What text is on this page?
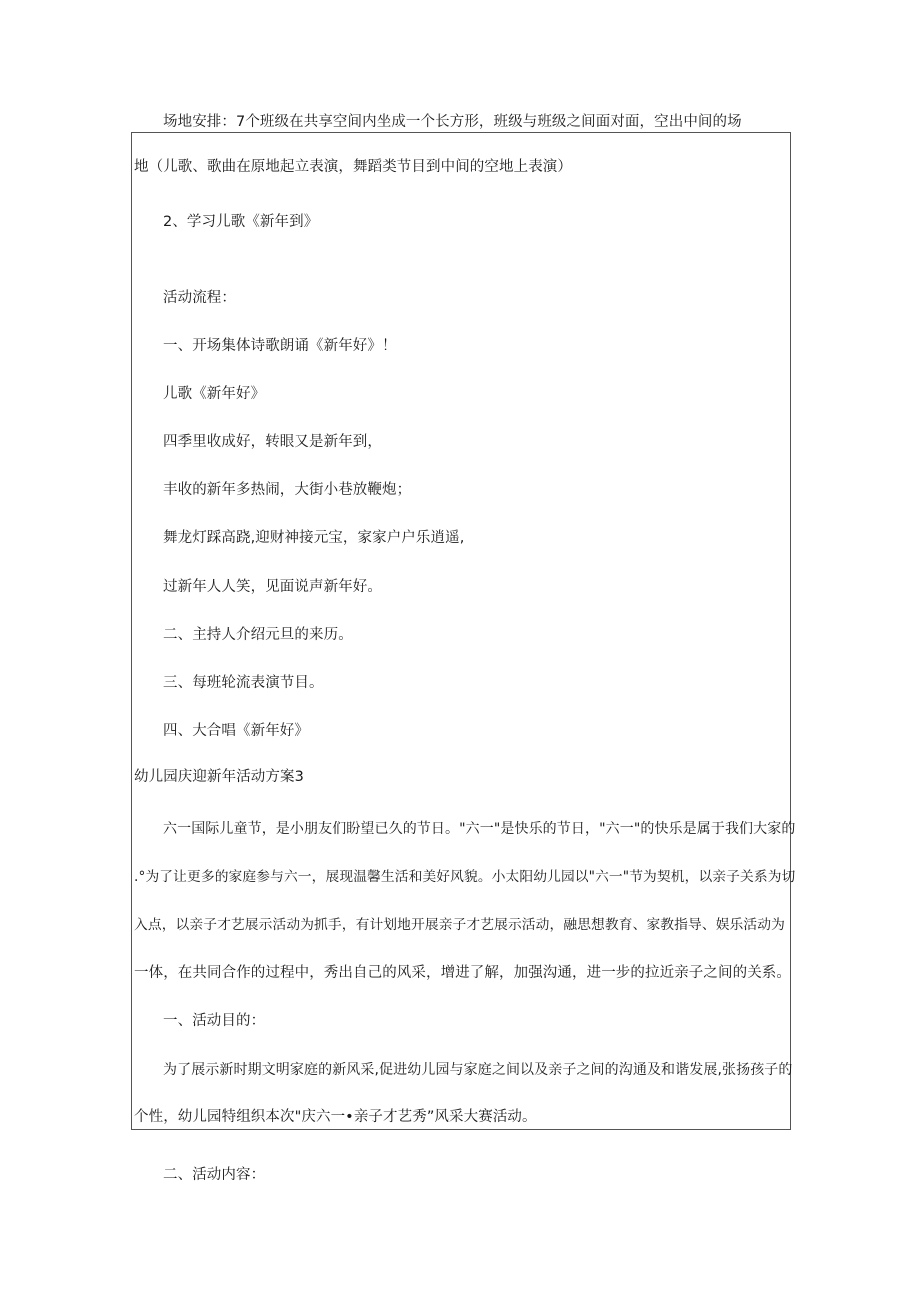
场地安排：7个班级在共享空间内坐成一个长方形，班级与班级之间面对面，空出中间的场
地（儿歌、歌曲在原地起立表演，舞蹈类节目到中间的空地上表演）
2、学习儿歌《新年到》
活动流程：
一、开场集体诗歌朗诵《新年好》！
儿歌《新年好》
四季里收成好，转眼又是新年到，
丰收的新年多热闹，大街小巷放鞭炮；
舞龙灯踩高跷,迎财神接元宝，家家户户乐逍遥,
过新年人人笑，见面说声新年好。
二、主持人介绍元旦的来历。
三、每班轮流表演节目。
四、大合唱《新年好》
幼儿园庆迎新年活动方案3
六一国际儿童节，是小朋友们盼望已久的节日。"六一"是快乐的节日，"六一"的快乐是属于我们大家的
.°为了让更多的家庭参与六一，展现温馨生活和美好风貌。小太阳幼儿园以"六一"节为契机，以亲子关系为切
入点，以亲子才艺展示活动为抓手，有计划地开展亲子才艺展示活动，融思想教育、家教指导、娱乐活动为
一体，在共同合作的过程中，秀出自己的风采，增进了解，加强沟通，进一步的拉近亲子之间的关系。
一、活动目的：
为了展示新时期文明家庭的新风采,促进幼儿园与家庭之间以及亲子之间的沟通及和谐发展,张扬孩子的
个性，幼儿园特组织本次"庆六一•亲子才艺秀”风采大赛活动。
二、活动内容：
